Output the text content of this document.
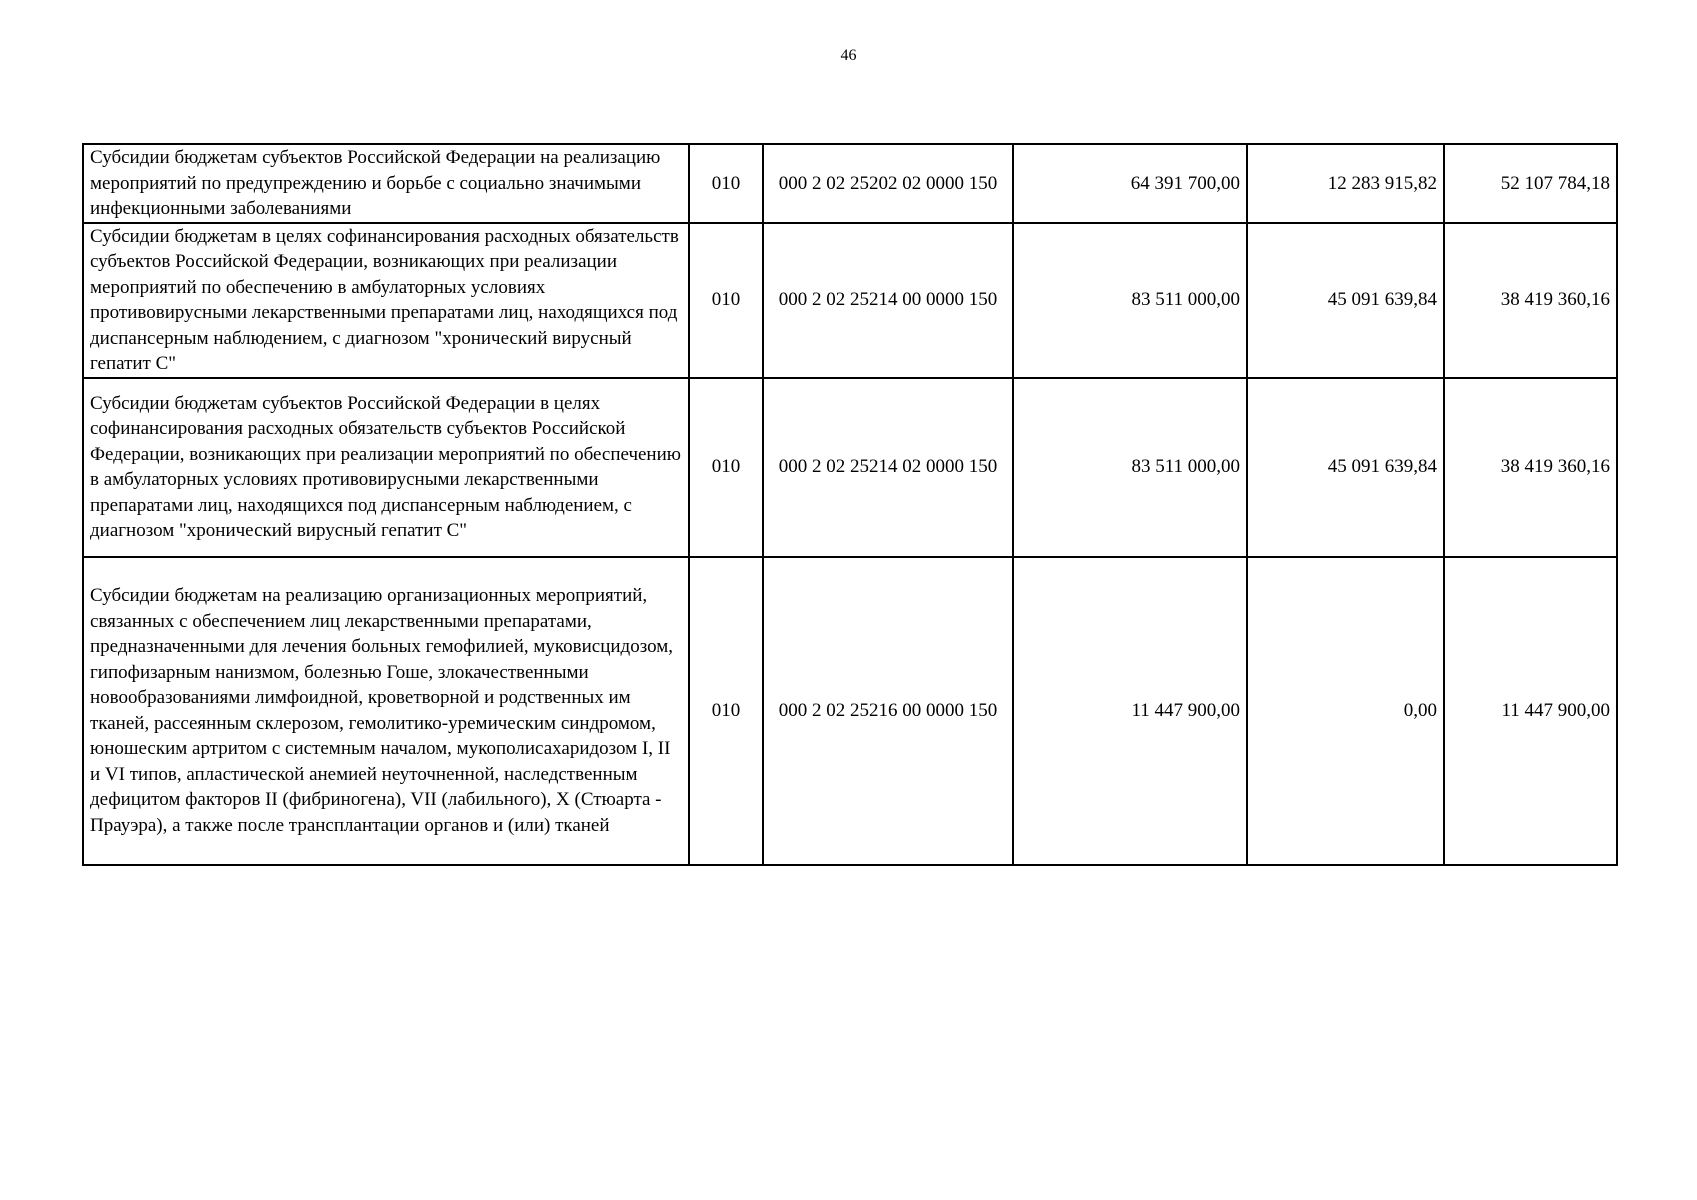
46
Субсидии бюджетам субъектов Российской Федерации на реализацию мероприятий по предупреждению и борьбе с социально значимыми инфекционными заболеваниями	010	000 2 02 25202 02 0000 150	64 391 700,00	12 283 915,82	52 107 784,18
Субсидии бюджетам в целях софинансирования расходных обязательств субъектов Российской Федерации, возникающих при реализации мероприятий по обеспечению в амбулаторных условиях противовирусными лекарственными препаратами лиц, находящихся под диспансерным наблюдением, с диагнозом "хронический вирусный гепатит С"	010	000 2 02 25214 00 0000 150	83 511 000,00	45 091 639,84	38 419 360,16
Субсидии бюджетам субъектов Российской Федерации в целях софинансирования расходных обязательств субъектов Российской Федерации, возникающих при реализации мероприятий по обеспечению в амбулаторных условиях противовирусными лекарственными препаратами лиц, находящихся под диспансерным наблюдением, с диагнозом "хронический вирусный гепатит С"	010	000 2 02 25214 02 0000 150	83 511 000,00	45 091 639,84	38 419 360,16
Субсидии бюджетам на реализацию организационных мероприятий, связанных с обеспечением лиц лекарственными препаратами, предназначенными для лечения больных гемофилией, муковисцидозом, гипофизарным нанизмом, болезнью Гоше, злокачественными новообразованиями лимфоидной, кроветворной и родственных им тканей, рассеянным склерозом, гемолитико-уремическим синдромом, юношеским артритом с системным началом, мукополисахаридозом I, II и VI типов, апластической анемией неуточненной, наследственным дефицитом факторов II (фибриногена), VII (лабильного), X (Стюарта - Прауэра), а также после трансплантации органов и (или) тканей	010	000 2 02 25216 00 0000 150	11 447 900,00	0,00	11 447 900,00
